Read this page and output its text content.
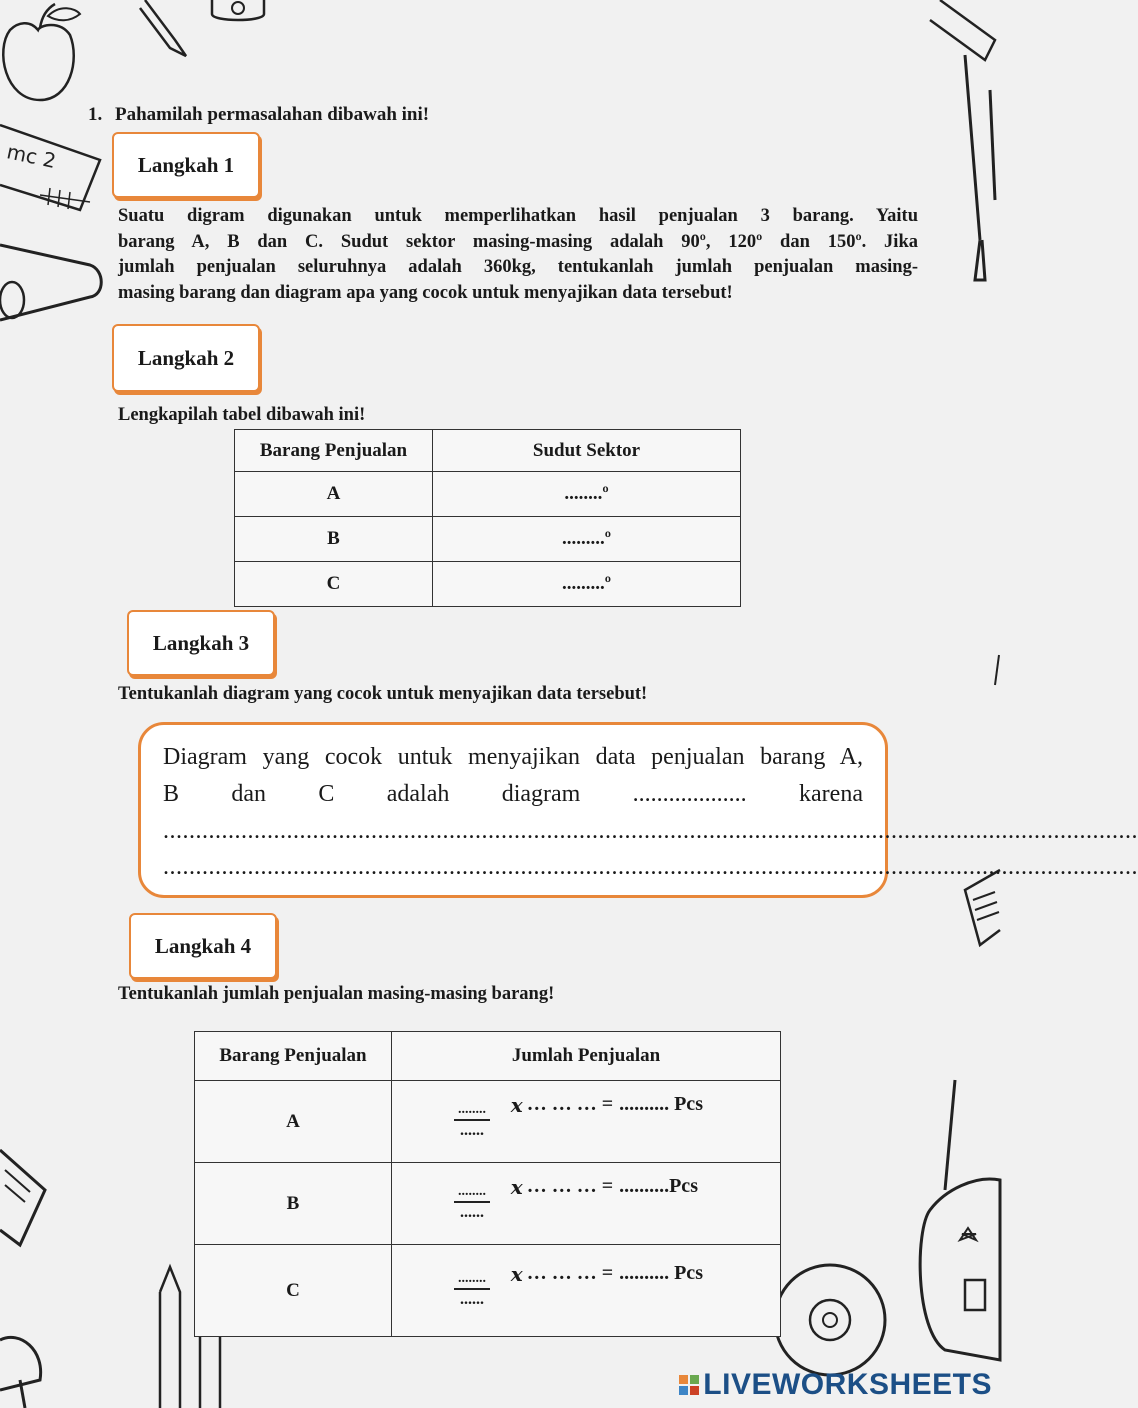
mc 2
1. Pahamilah permasalahan dibawah ini!
Langkah 1
Suatu digram digunakan untuk memperlihatkan hasil penjualan 3 barang. Yaitu
barang A, B dan C. Sudut sektor masing-masing adalah 90º, 120º dan 150º. Jika
jumlah penjualan seluruhnya adalah 360kg, tentukanlah jumlah penjualan masing-
masing barang dan diagram apa yang cocok untuk menyajikan data tersebut!
Langkah 2
Lengkapilah tabel dibawah ini!
Barang Penjualan	Sudut Sektor
A	........º
B	.........º
C	.........º
Langkah 3
Tentukanlah diagram yang cocok untuk menyajikan data tersebut!
Diagram yang cocok untuk menyajikan data penjualan barang A,
B dan C adalah diagram ................... karena
......................................................................................................................................................
......................................................................................................................................................
Langkah 4
Tentukanlah jumlah penjualan masing-masing barang!
Barang Penjualan	Jumlah Penjualan
A	$\frac{........}{......}$
x … … … = .......... Pcs

B	$\frac{........}{......}$
x … … … = ..........Pcs

C	$\frac{........}{......}$
x … … … = .......... Pcs
LIVEWORKSHEETS
